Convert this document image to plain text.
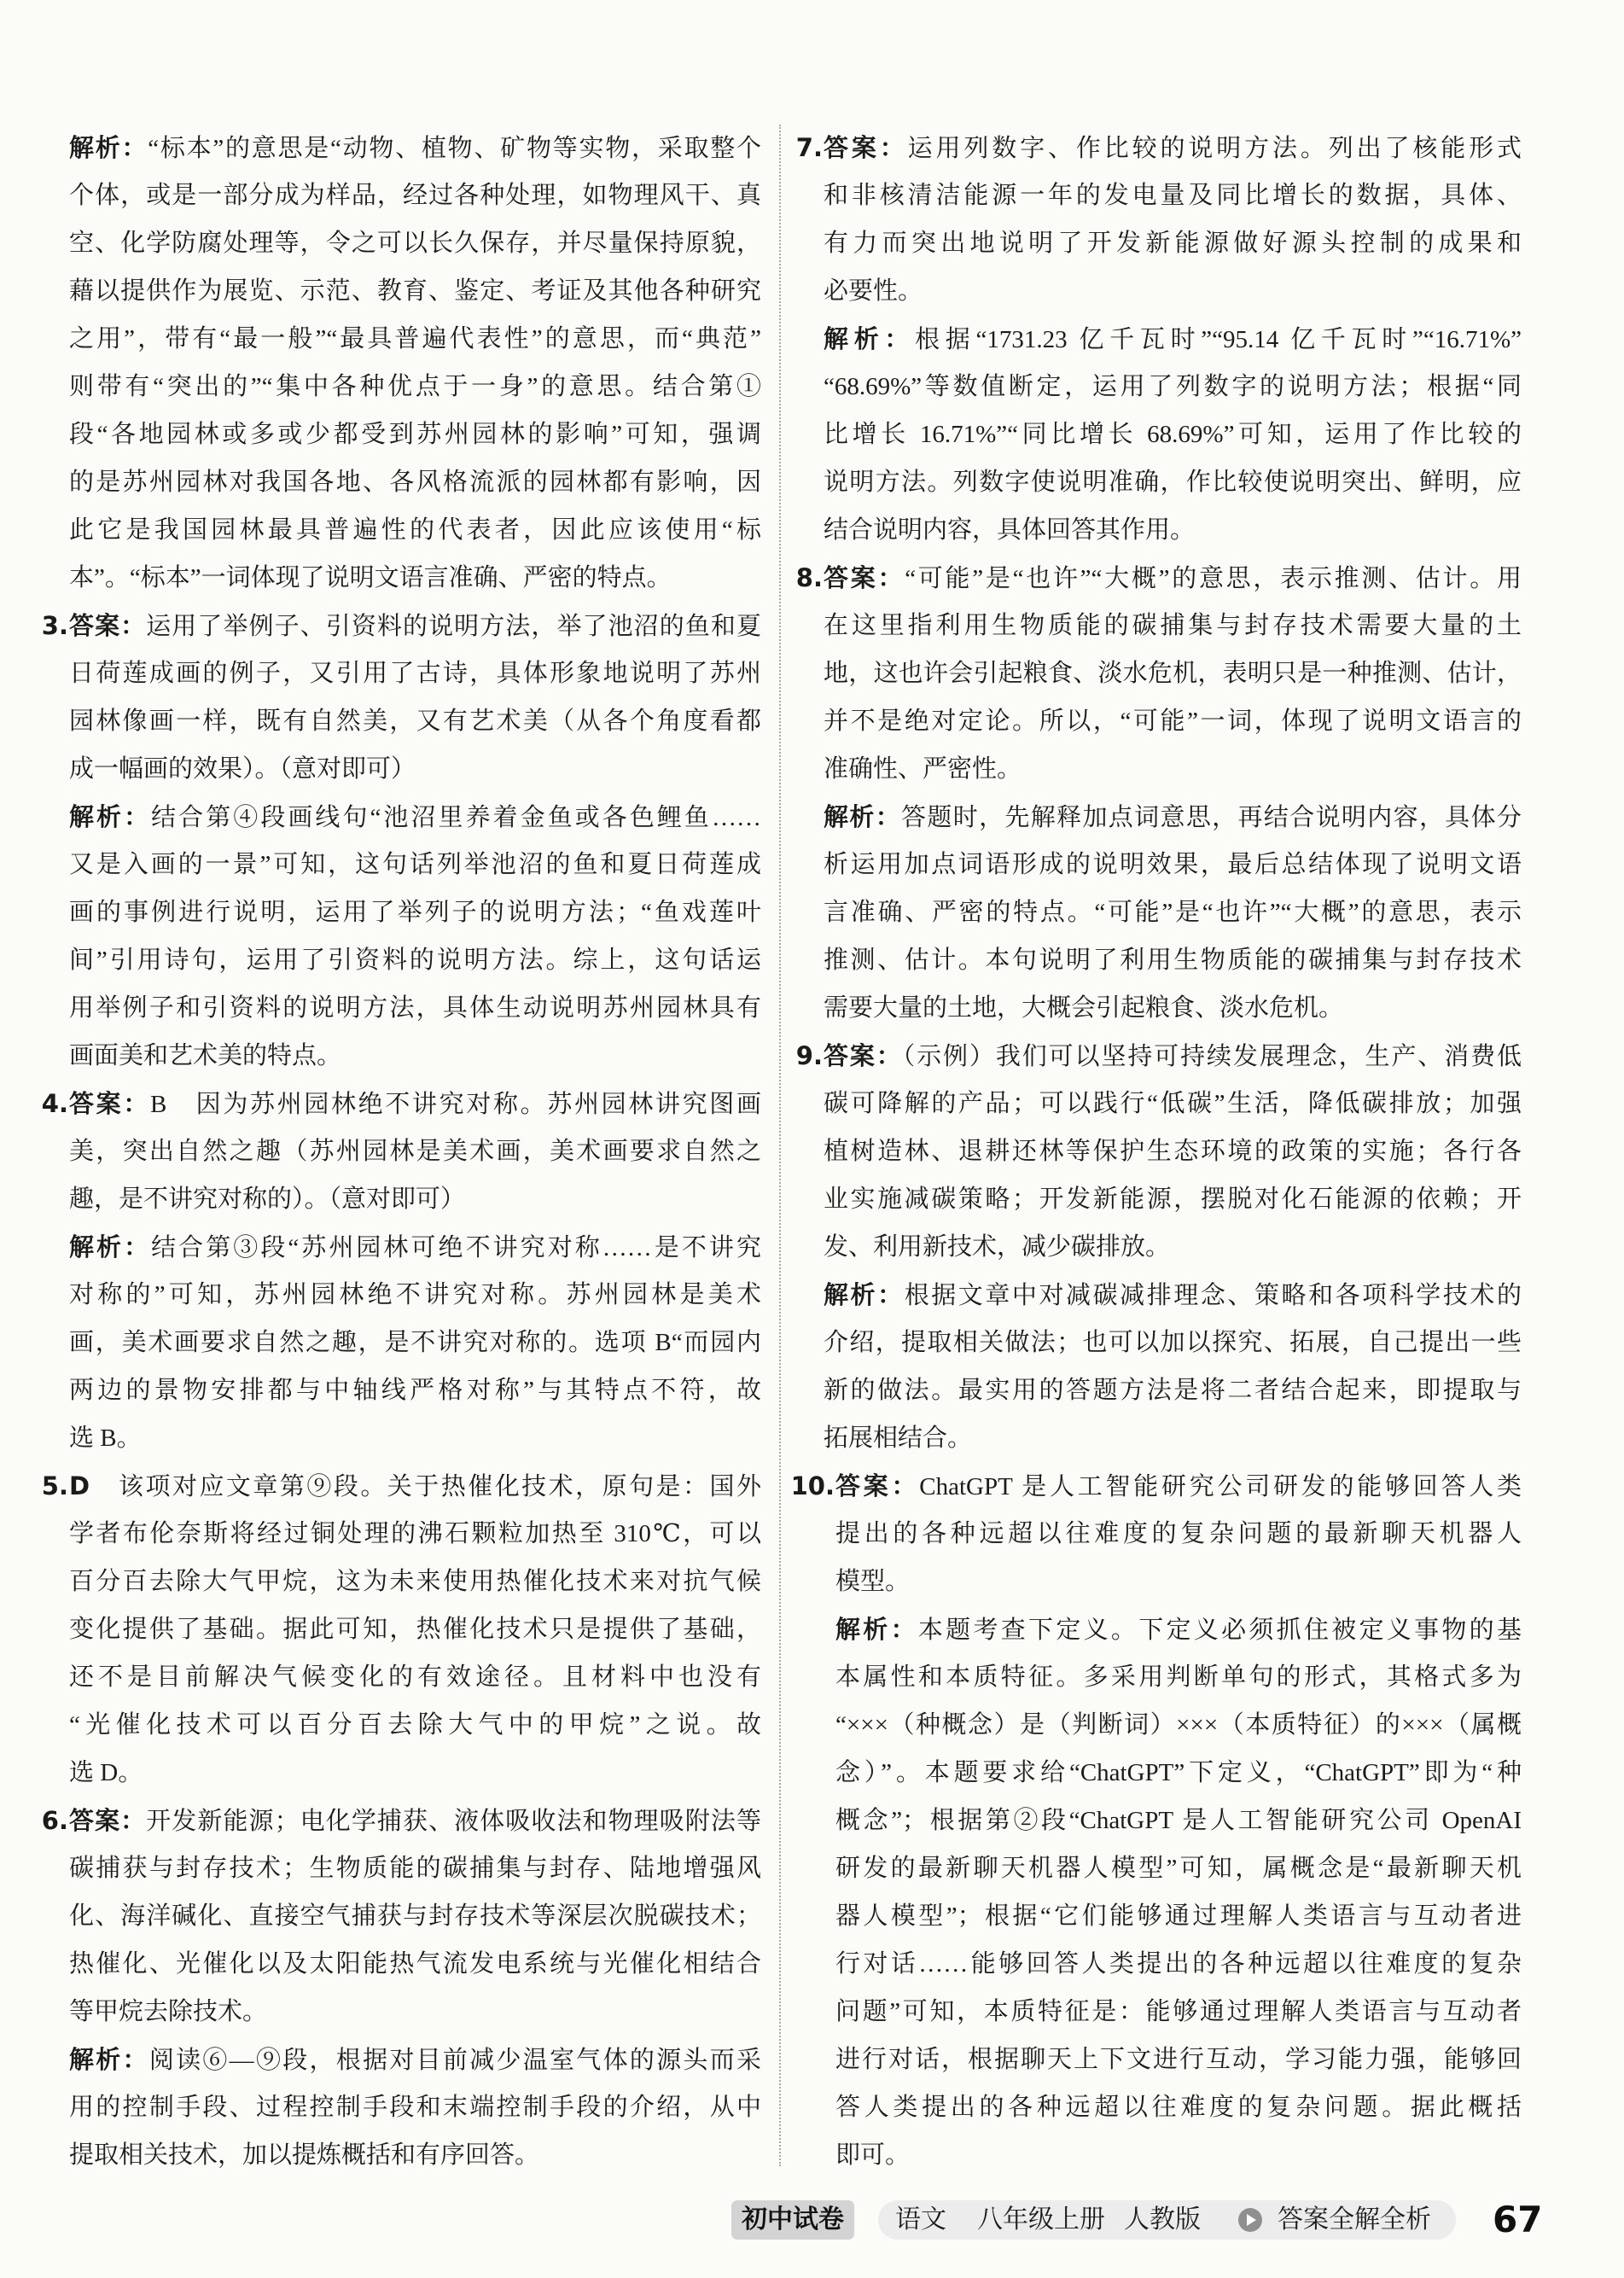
解析：“标本”的意思是“动物、植物、矿物等实物，采取整个
个体，或是一部分成为样品，经过各种处理，如物理风干、真
空、化学防腐处理等，令之可以长久保存，并尽量保持原貌，
藉以提供作为展览、示范、教育、鉴定、考证及其他各种研究
之用”，带有“最一般”“最具普遍代表性”的意思，而“典范”
则带有“突出的”“集中各种优点于一身”的意思。结合第①
段“各地园林或多或少都受到苏州园林的影响”可知，强调
的是苏州园林对我国各地、各风格流派的园林都有影响，因
此它是我国园林最具普遍性的代表者，因此应该使用“标
本”。“标本”一词体现了说明文语言准确、严密的特点。
3. 答案：运用了举例子、引资料的说明方法，举了池沼的鱼和夏
日荷莲成画的例子，又引用了古诗，具体形象地说明了苏州
园林像画一样，既有自然美，又有艺术美（从各个角度看都
成一幅画的效果）。（意对即可）
解析：结合第④段画线句“池沼里养着金鱼或各色鲤鱼……
又是入画的一景”可知，这句话列举池沼的鱼和夏日荷莲成
画的事例进行说明，运用了举列子的说明方法；“鱼戏莲叶
间”引用诗句，运用了引资料的说明方法。综上，这句话运
用举例子和引资料的说明方法，具体生动说明苏州园林具有
画面美和艺术美的特点。
4. 答案：B　因为苏州园林绝不讲究对称。苏州园林讲究图画
美，突出自然之趣（苏州园林是美术画，美术画要求自然之
趣，是不讲究对称的）。（意对即可）
解析：结合第③段“苏州园林可绝不讲究对称……是不讲究
对称的”可知，苏州园林绝不讲究对称。苏州园林是美术
画，美术画要求自然之趣，是不讲究对称的。选项 B“而园内
两边的景物安排都与中轴线严格对称”与其特点不符，故
选 B。
5. D　该项对应文章第⑨段。关于热催化技术，原句是：国外
学者布伦奈斯将经过铜处理的沸石颗粒加热至 310℃，可以
百分百去除大气甲烷，这为未来使用热催化技术来对抗气候
变化提供了基础。据此可知，热催化技术只是提供了基础，
还不是目前解决气候变化的有效途径。且材料中也没有
“光催化技术可以百分百去除大气中的甲烷”之说。故
选 D。
6. 答案：开发新能源；电化学捕获、液体吸收法和物理吸附法等
碳捕获与封存技术；生物质能的碳捕集与封存、陆地增强风
化、海洋碱化、直接空气捕获与封存技术等深层次脱碳技术；
热催化、光催化以及太阳能热气流发电系统与光催化相结合
等甲烷去除技术。
解析：阅读⑥—⑨段，根据对目前减少温室气体的源头而采
用的控制手段、过程控制手段和末端控制手段的介绍，从中
提取相关技术，加以提炼概括和有序回答。
7. 答案：运用列数字、作比较的说明方法。列出了核能形式
和非核清洁能源一年的发电量及同比增长的数据，具体、
有力而突出地说明了开发新能源做好源头控制的成果和
必要性。
解析：根据“1731.23 亿千瓦时”“95.14 亿千瓦时”“16.71%”
“68.69%”等数值断定，运用了列数字的说明方法；根据“同
比增长 16.71%”“同比增长 68.69%”可知，运用了作比较的
说明方法。列数字使说明准确，作比较使说明突出、鲜明，应
结合说明内容，具体回答其作用。
8. 答案：“可能”是“也许”“大概”的意思，表示推测、估计。用
在这里指利用生物质能的碳捕集与封存技术需要大量的土
地，这也许会引起粮食、淡水危机，表明只是一种推测、估计，
并不是绝对定论。所以，“可能”一词，体现了说明文语言的
准确性、严密性。
解析：答题时，先解释加点词意思，再结合说明内容，具体分
析运用加点词语形成的说明效果，最后总结体现了说明文语
言准确、严密的特点。“可能”是“也许”“大概”的意思，表示
推测、估计。本句说明了利用生物质能的碳捕集与封存技术
需要大量的土地，大概会引起粮食、淡水危机。
9. 答案：（示例）我们可以坚持可持续发展理念，生产、消费低
碳可降解的产品；可以践行“低碳”生活，降低碳排放；加强
植树造林、退耕还林等保护生态环境的政策的实施；各行各
业实施减碳策略；开发新能源，摆脱对化石能源的依赖；开
发、利用新技术，减少碳排放。
解析：根据文章中对减碳减排理念、策略和各项科学技术的
介绍，提取相关做法；也可以加以探究、拓展，自己提出一些
新的做法。最实用的答题方法是将二者结合起来，即提取与
拓展相结合。
10. 答案：ChatGPT 是人工智能研究公司研发的能够回答人类
提出的各种远超以往难度的复杂问题的最新聊天机器人
模型。
解析：本题考查下定义。下定义必须抓住被定义事物的基
本属性和本质特征。多采用判断单句的形式，其格式多为
“×××（种概念）是（判断词）×××（本质特征）的×××（属概
念）”。本题要求给“ChatGPT”下定义，“ChatGPT”即为“种
概念”；根据第②段“ChatGPT 是人工智能研究公司 OpenAI
研发的最新聊天机器人模型”可知，属概念是“最新聊天机
器人模型”；根据“它们能够通过理解人类语言与互动者进
行对话……能够回答人类提出的各种远超以往难度的复杂
问题”可知，本质特征是：能够通过理解人类语言与互动者
进行对话，根据聊天上下文进行互动，学习能力强，能够回
答人类提出的各种远超以往难度的复杂问题。据此概括
即可。
初中试卷	语文 八年级上册 人教版	答案全解全析 67
